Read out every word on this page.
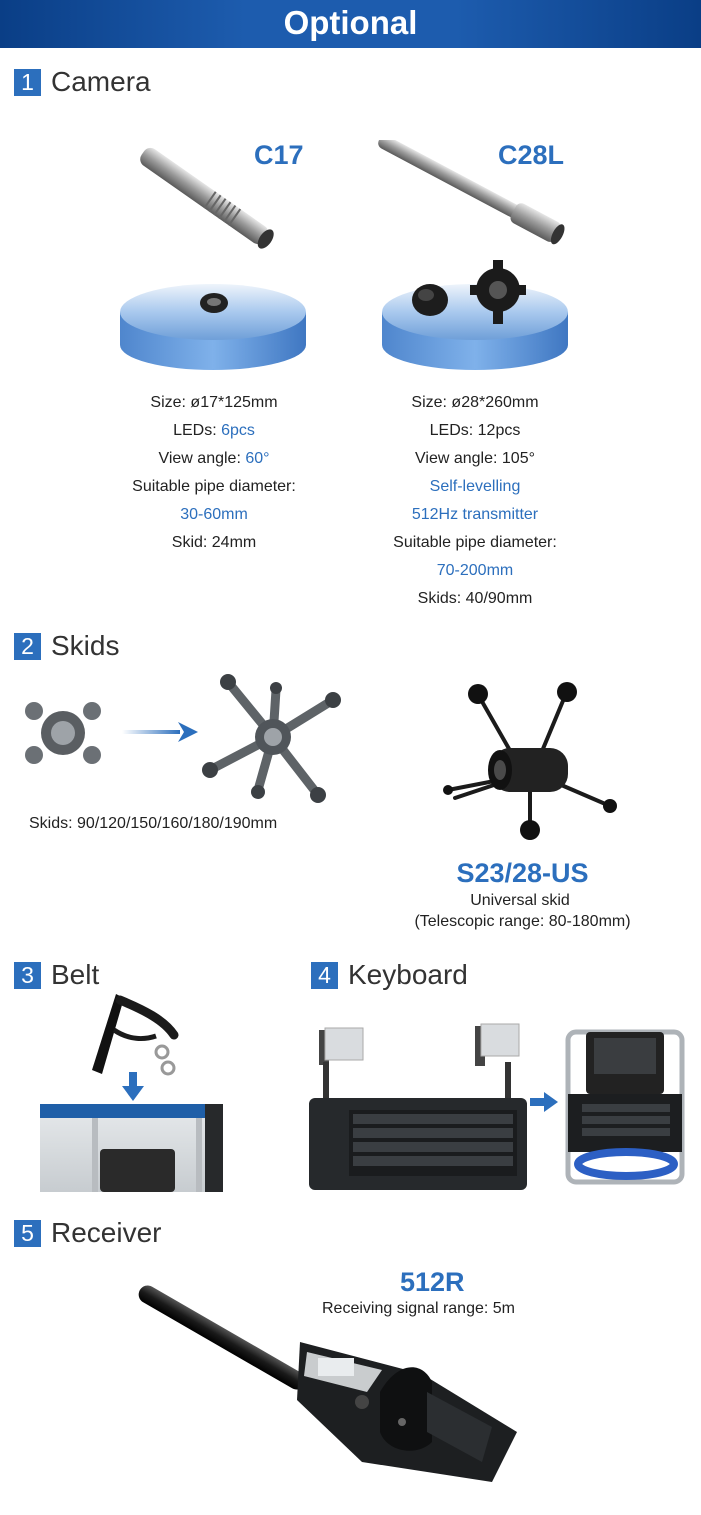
Optional
1 Camera
C17	C28L
Size: ø17*125mm
LEDs: 6pcs
View angle: 60°
Suitable pipe diameter:
30-60mm
Skid: 24mm
Size: ø28*260mm
LEDs: 12pcs
View angle: 105°
Self-levelling
512Hz transmitter
Suitable pipe diameter:
70-200mm
Skids: 40/90mm
2 Skids
Skids: 90/120/150/160/180/190mm
S23/28-US
Universal skid
(Telescopic range: 80-180mm)
3 Belt	4 Keyboard
5 Receiver
512R
Receiving signal range: 5m
